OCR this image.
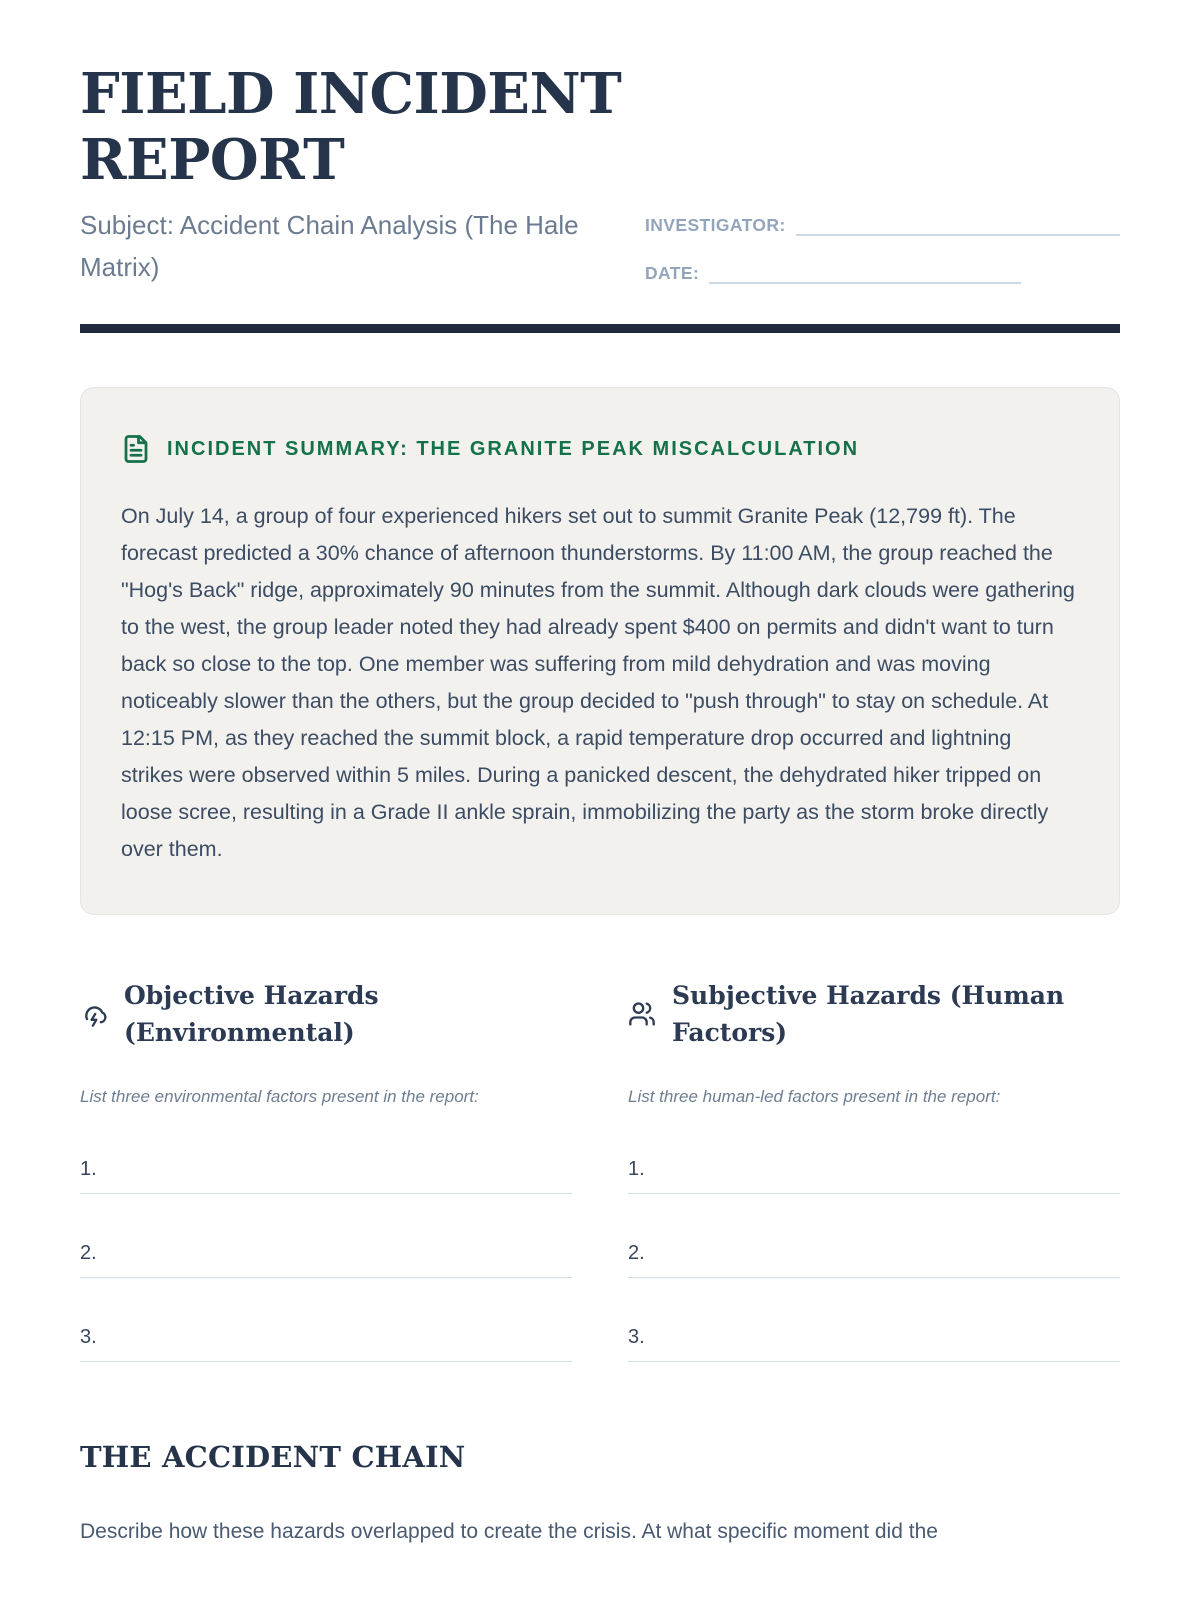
FIELD INCIDENT REPORT

Subject: Accident Chain Analysis (The Hale Matrix)

INVESTIGATOR:
DATE:
INCIDENT SUMMARY: THE GRANITE PEAK MISCALCULATION

On July 14, a group of four experienced hikers set out to summit Granite Peak (12,799 ft). The forecast predicted a 30% chance of afternoon thunderstorms. By 11:00 AM, the group reached the "Hog's Back" ridge, approximately 90 minutes from the summit. Although dark clouds were gathering to the west, the group leader noted they had already spent $400 on permits and didn't want to turn back so close to the top. One member was suffering from mild dehydration and was moving noticeably slower than the others, but the group decided to "push through" to stay on schedule. At 12:15 PM, as they reached the summit block, a rapid temperature drop occurred and lightning strikes were observed within 5 miles. During a panicked descent, the dehydrated hiker tripped on loose scree, resulting in a Grade II ankle sprain, immobilizing the party as the storm broke directly over them.

Objective Hazards (Environmental)

List three environmental factors present in the report:

1.
2.
3.
Subjective Hazards (Human Factors)

List three human-led factors present in the report:

1.
2.
3.
THE ACCIDENT CHAIN

Describe how these hazards overlapped to create the crisis. At what specific moment did the
